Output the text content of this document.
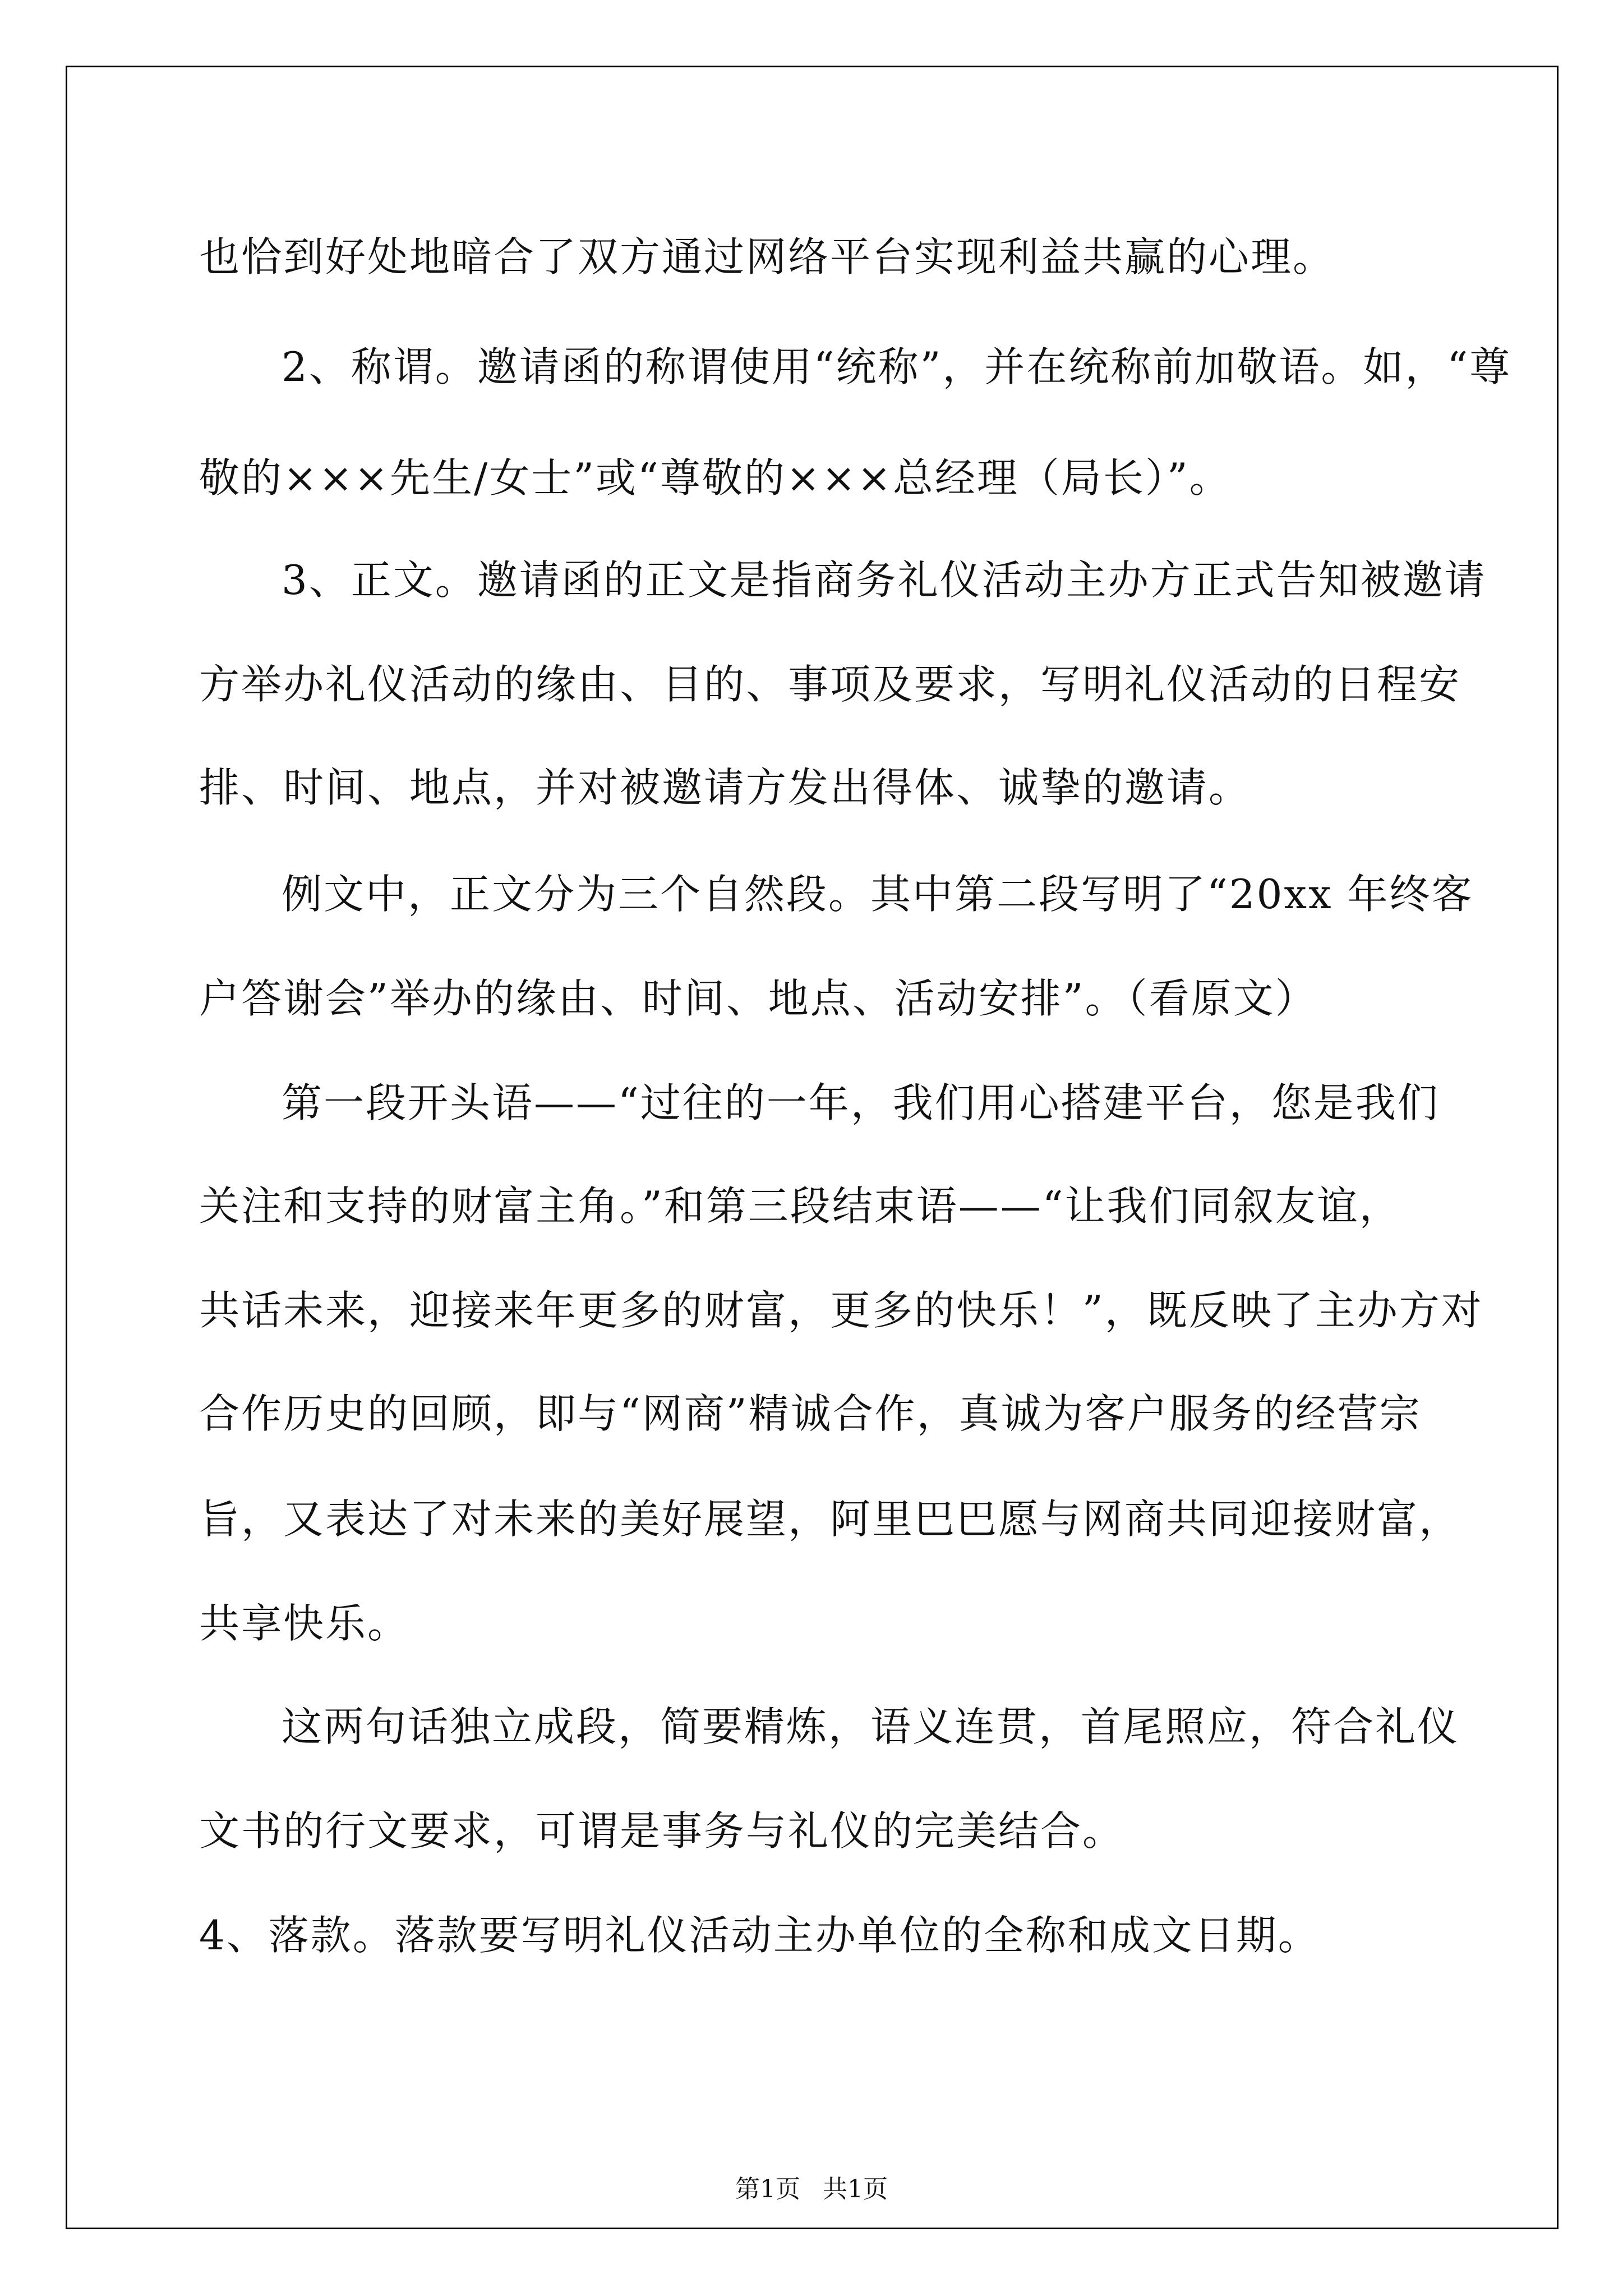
也恰到好处地暗合了双方通过网络平台实现利益共赢的心理。
2、称谓。邀请函的称谓使用“统称”，并在统称前加敬语。如，“尊
敬的×××先生/女士”或“尊敬的×××总经理（局长）”。
3、正文。邀请函的正文是指商务礼仪活动主办方正式告知被邀请
方举办礼仪活动的缘由、目的、事项及要求，写明礼仪活动的日程安
排、时间、地点，并对被邀请方发出得体、诚挚的邀请。
例文中，正文分为三个自然段。其中第二段写明了“20xx 年终客
户答谢会”举办的缘由、时间、地点、活动安排”。（看原文）
第一段开头语——“过往的一年，我们用心搭建平台，您是我们
关注和支持的财富主角。”和第三段结束语——“让我们同叙友谊，
共话未来，迎接来年更多的财富，更多的快乐！”，既反映了主办方对
合作历史的回顾，即与“网商”精诚合作，真诚为客户服务的经营宗
旨，又表达了对未来的美好展望，阿里巴巴愿与网商共同迎接财富，
共享快乐。
这两句话独立成段，简要精炼，语义连贯，首尾照应，符合礼仪
文书的行文要求，可谓是事务与礼仪的完美结合。
4、落款。落款要写明礼仪活动主办单位的全称和成文日期。
第1页 共1页
